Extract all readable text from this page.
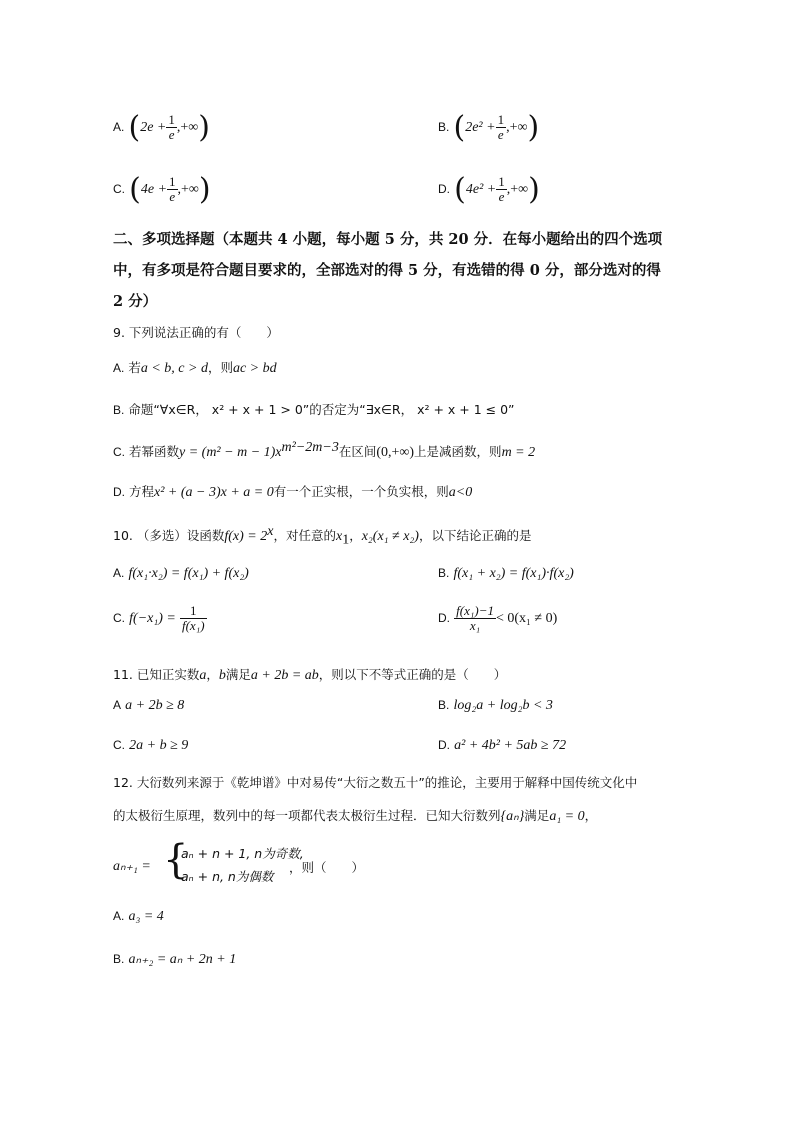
A. ($2e + \frac{1}{e}$ ,+∞)	B. ($2e^2 + \frac{1}{e}$ ,+∞)
C. ($4e + \frac{1}{e}$ ,+∞)	D. ($4e^2 + \frac{1}{e}$ ,+∞)
二、多项选择题（本题共 4 小题，每小题 5 分，共 20 分．在每小题给出的四个选项
中，有多项是符合题目要求的，全部选对的得 5 分，有选错的得 0 分，部分选对的得
2 分）
9. 下列说法正确的有（　　）
A. 若a < b, c > d，则ac > bd
B. 命题“∀x∈R， x² + x + 1 > 0”的否定为“∃x∈R， x² + x + 1 ≤ 0”
C. 若幂函数$y = (m^2 - m - 1)x^{m^2-2m-3}$在区间(0,+∞)上是减函数，则m = 2
D. 方程x² + (a − 3)x + a = 0有一个正实根，一个负实根，则a<0
10. （多选）设函数$f(x) = 2^x$，对任意的$x_1$，x₂(x₁ ≠ x₂)，以下结论正确的是
A. f(x₁·x₂) = f(x₁) + f(x₂)	B. f(x₁ + x₂) = f(x₁)·f(x₂)
C. $f(-x_1) = \frac{1}{\text{f(x₁)}}$	D. $\frac{\text{f(x₁)−1}}{\text{x₁}} < 0(x_1 \ne 0)$
11. 已知正实数a，b满足a + 2b = ab，则以下不等式正确的是（　　）
A a + 2b ≥ 8	B. log₂a + log₂b < 3
C. 2a + b ≥ 9	D. a² + 4b² + 5ab ≥ 72
12. 大衍数列来源于《乾坤谱》中对易传“大衍之数五十”的推论，主要用于解释中国传统文化中
的太极衍生原理，数列中的每一项都代表太极衍生过程．已知大衍数列{aₙ}满足a₁ = 0，
aₙ₊₁ = {
aₙ + n + 1, n为奇数,
aₙ + n, n为偶数
，则（　　）
A. a₃ = 4
B. aₙ₊₂ = aₙ + 2n + 1
